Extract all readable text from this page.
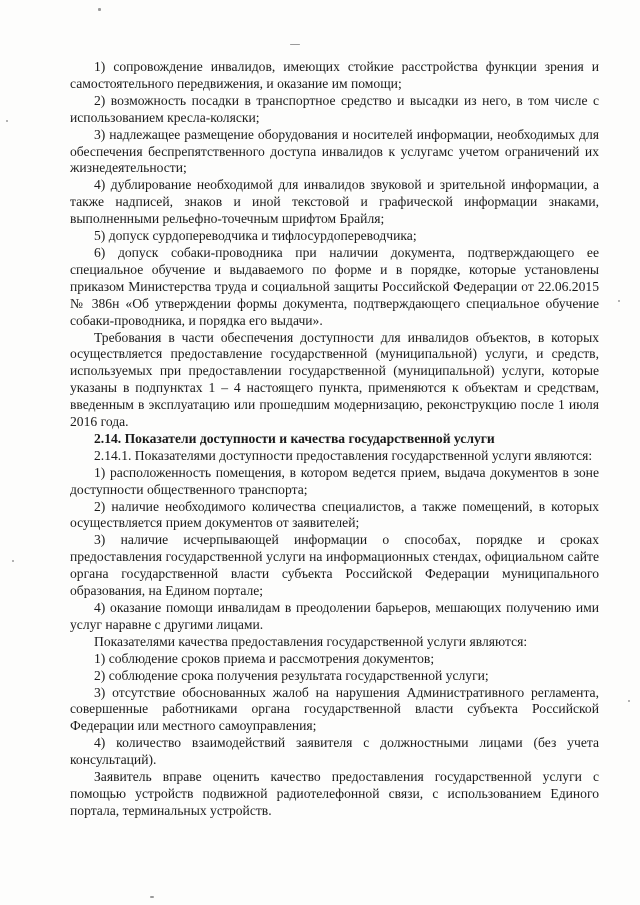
1) сопровождение инвалидов, имеющих стойкие расстройства функции зрения и самостоятельного передвижения, и оказание им помощи;

2) возможность посадки в транспортное средство и высадки из него, в том числе с использованием кресла-коляски;

3) надлежащее размещение оборудования и носителей информации, необходимых для обеспечения беспрепятственного доступа инвалидов к услугамс учетом ограничений их жизнедеятельности;

4) дублирование необходимой для инвалидов звуковой и зрительной информации, а также надписей, знаков и иной текстовой и графической информации знаками, выполненными рельефно-точечным шрифтом Брайля;

5) допуск сурдопереводчика и тифлосурдопереводчика;

6) допуск собаки-проводника при наличии документа, подтверждающего ее специальное обучение и выдаваемого по форме и в порядке, которые установлены приказом Министерства труда и социальной защиты Российской Федерации от 22.06.2015 № 386н «Об утверждении формы документа, подтверждающего специальное обучение собаки-проводника, и порядка его выдачи».

Требования в части обеспечения доступности для инвалидов объектов, в которых осуществляется предоставление государственной (муниципальной) услуги, и средств, используемых при предоставлении государственной (муниципальной) услуги, которые указаны в подпунктах 1 – 4 настоящего пункта, применяются к объектам и средствам, введенным в эксплуатацию или прошедшим модернизацию, реконструкцию после 1 июля 2016 года.

2.14. Показатели доступности и качества государственной услуги

2.14.1. Показателями доступности предоставления государственной услуги являются:

1) расположенность помещения, в котором ведется прием, выдача документов в зоне доступности общественного транспорта;

2) наличие необходимого количества специалистов, а также помещений, в которых осуществляется прием документов от заявителей;

3) наличие исчерпывающей информации о способах, порядке и сроках предоставления государственной услуги на информационных стендах, официальном сайте органа государственной власти субъекта Российской Федерации муниципального образования, на Едином портале;

4) оказание помощи инвалидам в преодолении барьеров, мешающих получению ими услуг наравне с другими лицами.

Показателями качества предоставления государственной услуги являются:

1) соблюдение сроков приема и рассмотрения документов;

2) соблюдение срока получения результата государственной услуги;

3) отсутствие обоснованных жалоб на нарушения Административного регламента, совершенные работниками органа государственной власти субъекта Российской Федерации или местного самоуправления;

4) количество взаимодействий заявителя с должностными лицами (без учета консультаций).

Заявитель вправе оценить качество предоставления государственной услуги с помощью устройств подвижной радиотелефонной связи, с использованием Единого портала, терминальных устройств.
